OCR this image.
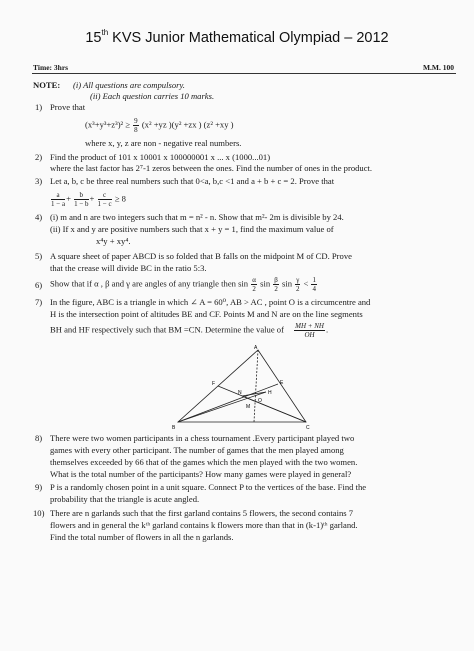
15th KVS Junior Mathematical Olympiad – 2012
Time: 3hrs	M.M. 100
NOTE: (i) All questions are compulsory.
(ii) Each question carries 10 marks.
1) Prove that
$(x^3+y^3+z^3)^2 \ge \frac{9}{8} (x^2 +yz$ )(y² +zx ) (z² +xy )
where x, y, z are non - negative real numbers.
2) Find the product of 101 x 10001 x 100000001 x ... x (1000...01)
where the last factor has 2⁷-1 zeros between the ones. Find the number of ones in the product.
3) Let a, b, c be three real numbers such that 0<a, b,c <1 and a + b + c = 2. Prove that
$\frac{a}{1 - a} + \frac{b}{1 - b} + \frac{c}{1 - c} \ge 8$
4) (i) m and n are two integers such that m = n² - n. Show that m²- 2m is divisible by 24.
(ii) If x and y are positive numbers such that x + y = 1, find the maximum value of
x⁴y + xy⁴.
5) A square sheet of paper ABCD is so folded that B falls on the midpoint M of CD. Prove
that the crease will divide BC in the ratio 5:3.
6) Show that if α , β and γ are angles of any triangle then $\sin \frac{\alpha}{2}$ $\sin \frac{\beta}{2}$ $\sin \frac{\gamma}{2} < \frac{1}{4}$
7) In the figure, ABC is a triangle in which ∠ A = 60⁰, AB > AC , point O is a circumcentre and
H is the intersection point of altitudes BE and CF. Points M and N are on the line segments
BH and HF respectively such that BM =CN. Determine the value of $\frac{MH + NH}{OH}$ .
A
B	C
E
F
H
M
N
O
8) There were two women participants in a chess tournament .Every participant played two
games with every other participant. The number of games that the men played among
themselves exceeded by 66 that of the games which the men played with the two women.
What is the total number of the participants? How many games were played in general?
9) P is a randomly chosen point in a unit square. Connect P to the vertices of the base. Find the
probability that the triangle is acute angled.
10) There are n garlands such that the first garland contains 5 flowers, the second contains 7
flowers and in general the kᵗʰ garland contains k flowers more than that in (k-1)ᵗʰ garland.
Find the total number of flowers in all the n garlands.
